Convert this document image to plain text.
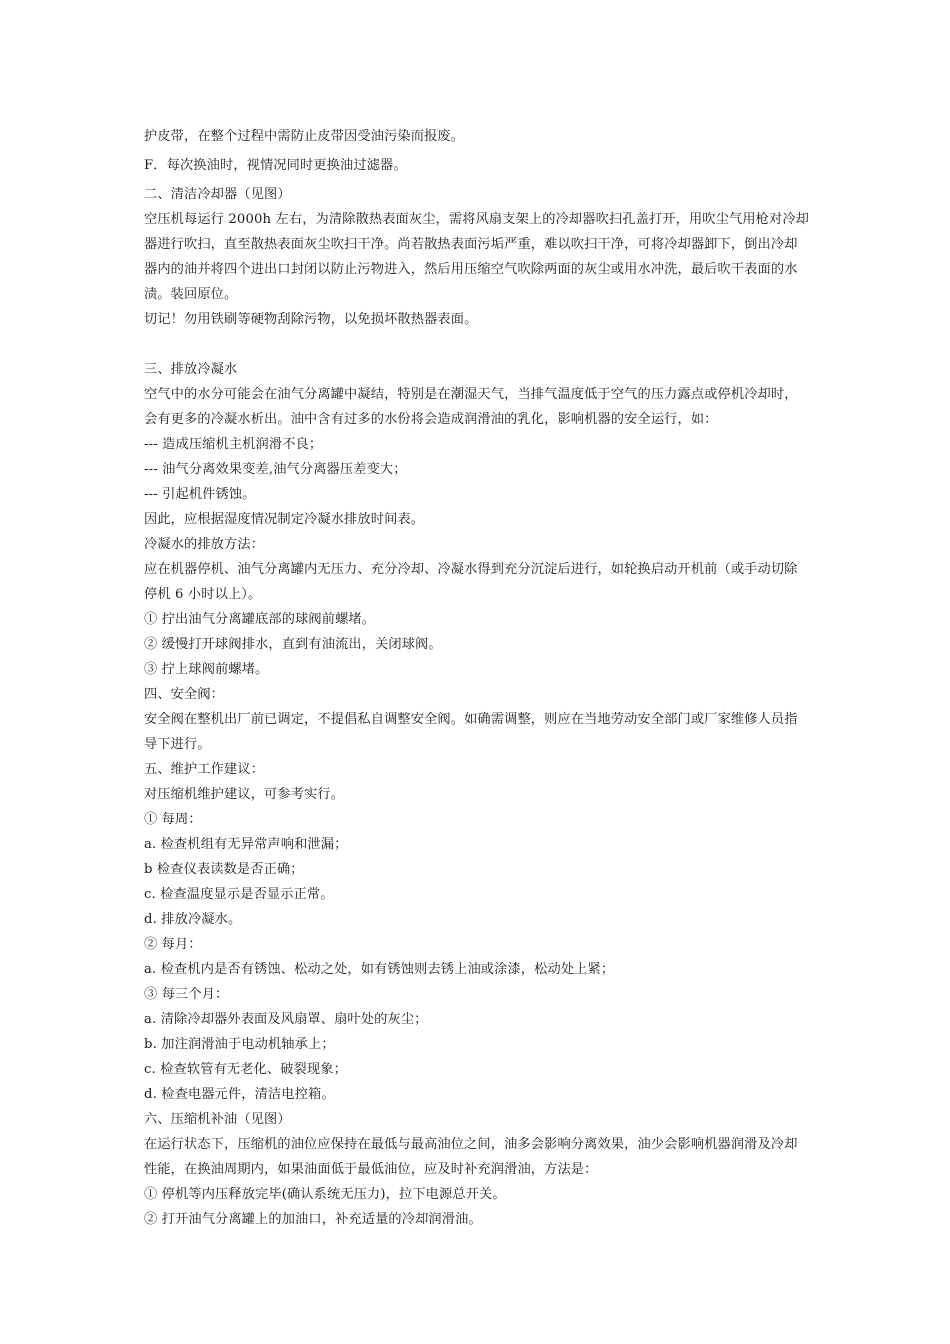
护皮带，在整个过程中需防止皮带因受油污染而报废。
F．每次换油时，视情况同时更换油过滤器。
二、清洁冷却器（见图）
空压机每运行 2000h 左右，为清除散热表面灰尘，需将风扇支架上的冷却器吹扫孔盖打开，用吹尘气用枪对冷却
器进行吹扫，直至散热表面灰尘吹扫干净。尚若散热表面污垢严重，难以吹扫干净，可将冷却器卸下，倒出冷却
器内的油并将四个进出口封闭以防止污物进入，然后用压缩空气吹除两面的灰尘或用水冲洗，最后吹干表面的水
渍。装回原位。
切记！勿用铁刷等硬物刮除污物，以免损坏散热器表面。
三、排放冷凝水
空气中的水分可能会在油气分离罐中凝结，特别是在潮湿天气，当排气温度低于空气的压力露点或停机冷却时，
会有更多的冷凝水析出。油中含有过多的水份将会造成润滑油的乳化，影响机器的安全运行，如：
--- 造成压缩机主机润滑不良；
--- 油气分离效果变差,油气分离器压差变大；
--- 引起机件锈蚀。
因此，应根据湿度情况制定冷凝水排放时间表。
冷凝水的排放方法：
应在机器停机、油气分离罐内无压力、充分冷却、冷凝水得到充分沉淀后进行，如轮换启动开机前（或手动切除
停机 6 小时以上）。
① 拧出油气分离罐底部的球阀前螺堵。
② 缓慢打开球阀排水，直到有油流出，关闭球阀。
③ 拧上球阀前螺堵。
四、安全阀：
安全阀在整机出厂前已调定，不提倡私自调整安全阀。如确需调整，则应在当地劳动安全部门或厂家维修人员指
导下进行。
五、维护工作建议：
对压缩机维护建议，可参考实行。
① 每周：
a. 检查机组有无异常声响和泄漏；
b 检查仪表读数是否正确；
c. 检查温度显示是否显示正常。
d. 排放冷凝水。
② 每月：
a. 检查机内是否有锈蚀、松动之处，如有锈蚀则去锈上油或涂漆，松动处上紧；
③ 每三个月：
a. 清除冷却器外表面及风扇罩、扇叶处的灰尘；
b. 加注润滑油于电动机轴承上；
c. 检查软管有无老化、破裂现象；
d. 检查电器元件，清洁电控箱。
六、压缩机补油（见图）
在运行状态下，压缩机的油位应保持在最低与最高油位之间，油多会影响分离效果，油少会影响机器润滑及冷却
性能，在换油周期内，如果油面低于最低油位，应及时补充润滑油，方法是：
① 停机等内压释放完毕(确认系统无压力)，拉下电源总开关。
② 打开油气分离罐上的加油口，补充适量的冷却润滑油。
